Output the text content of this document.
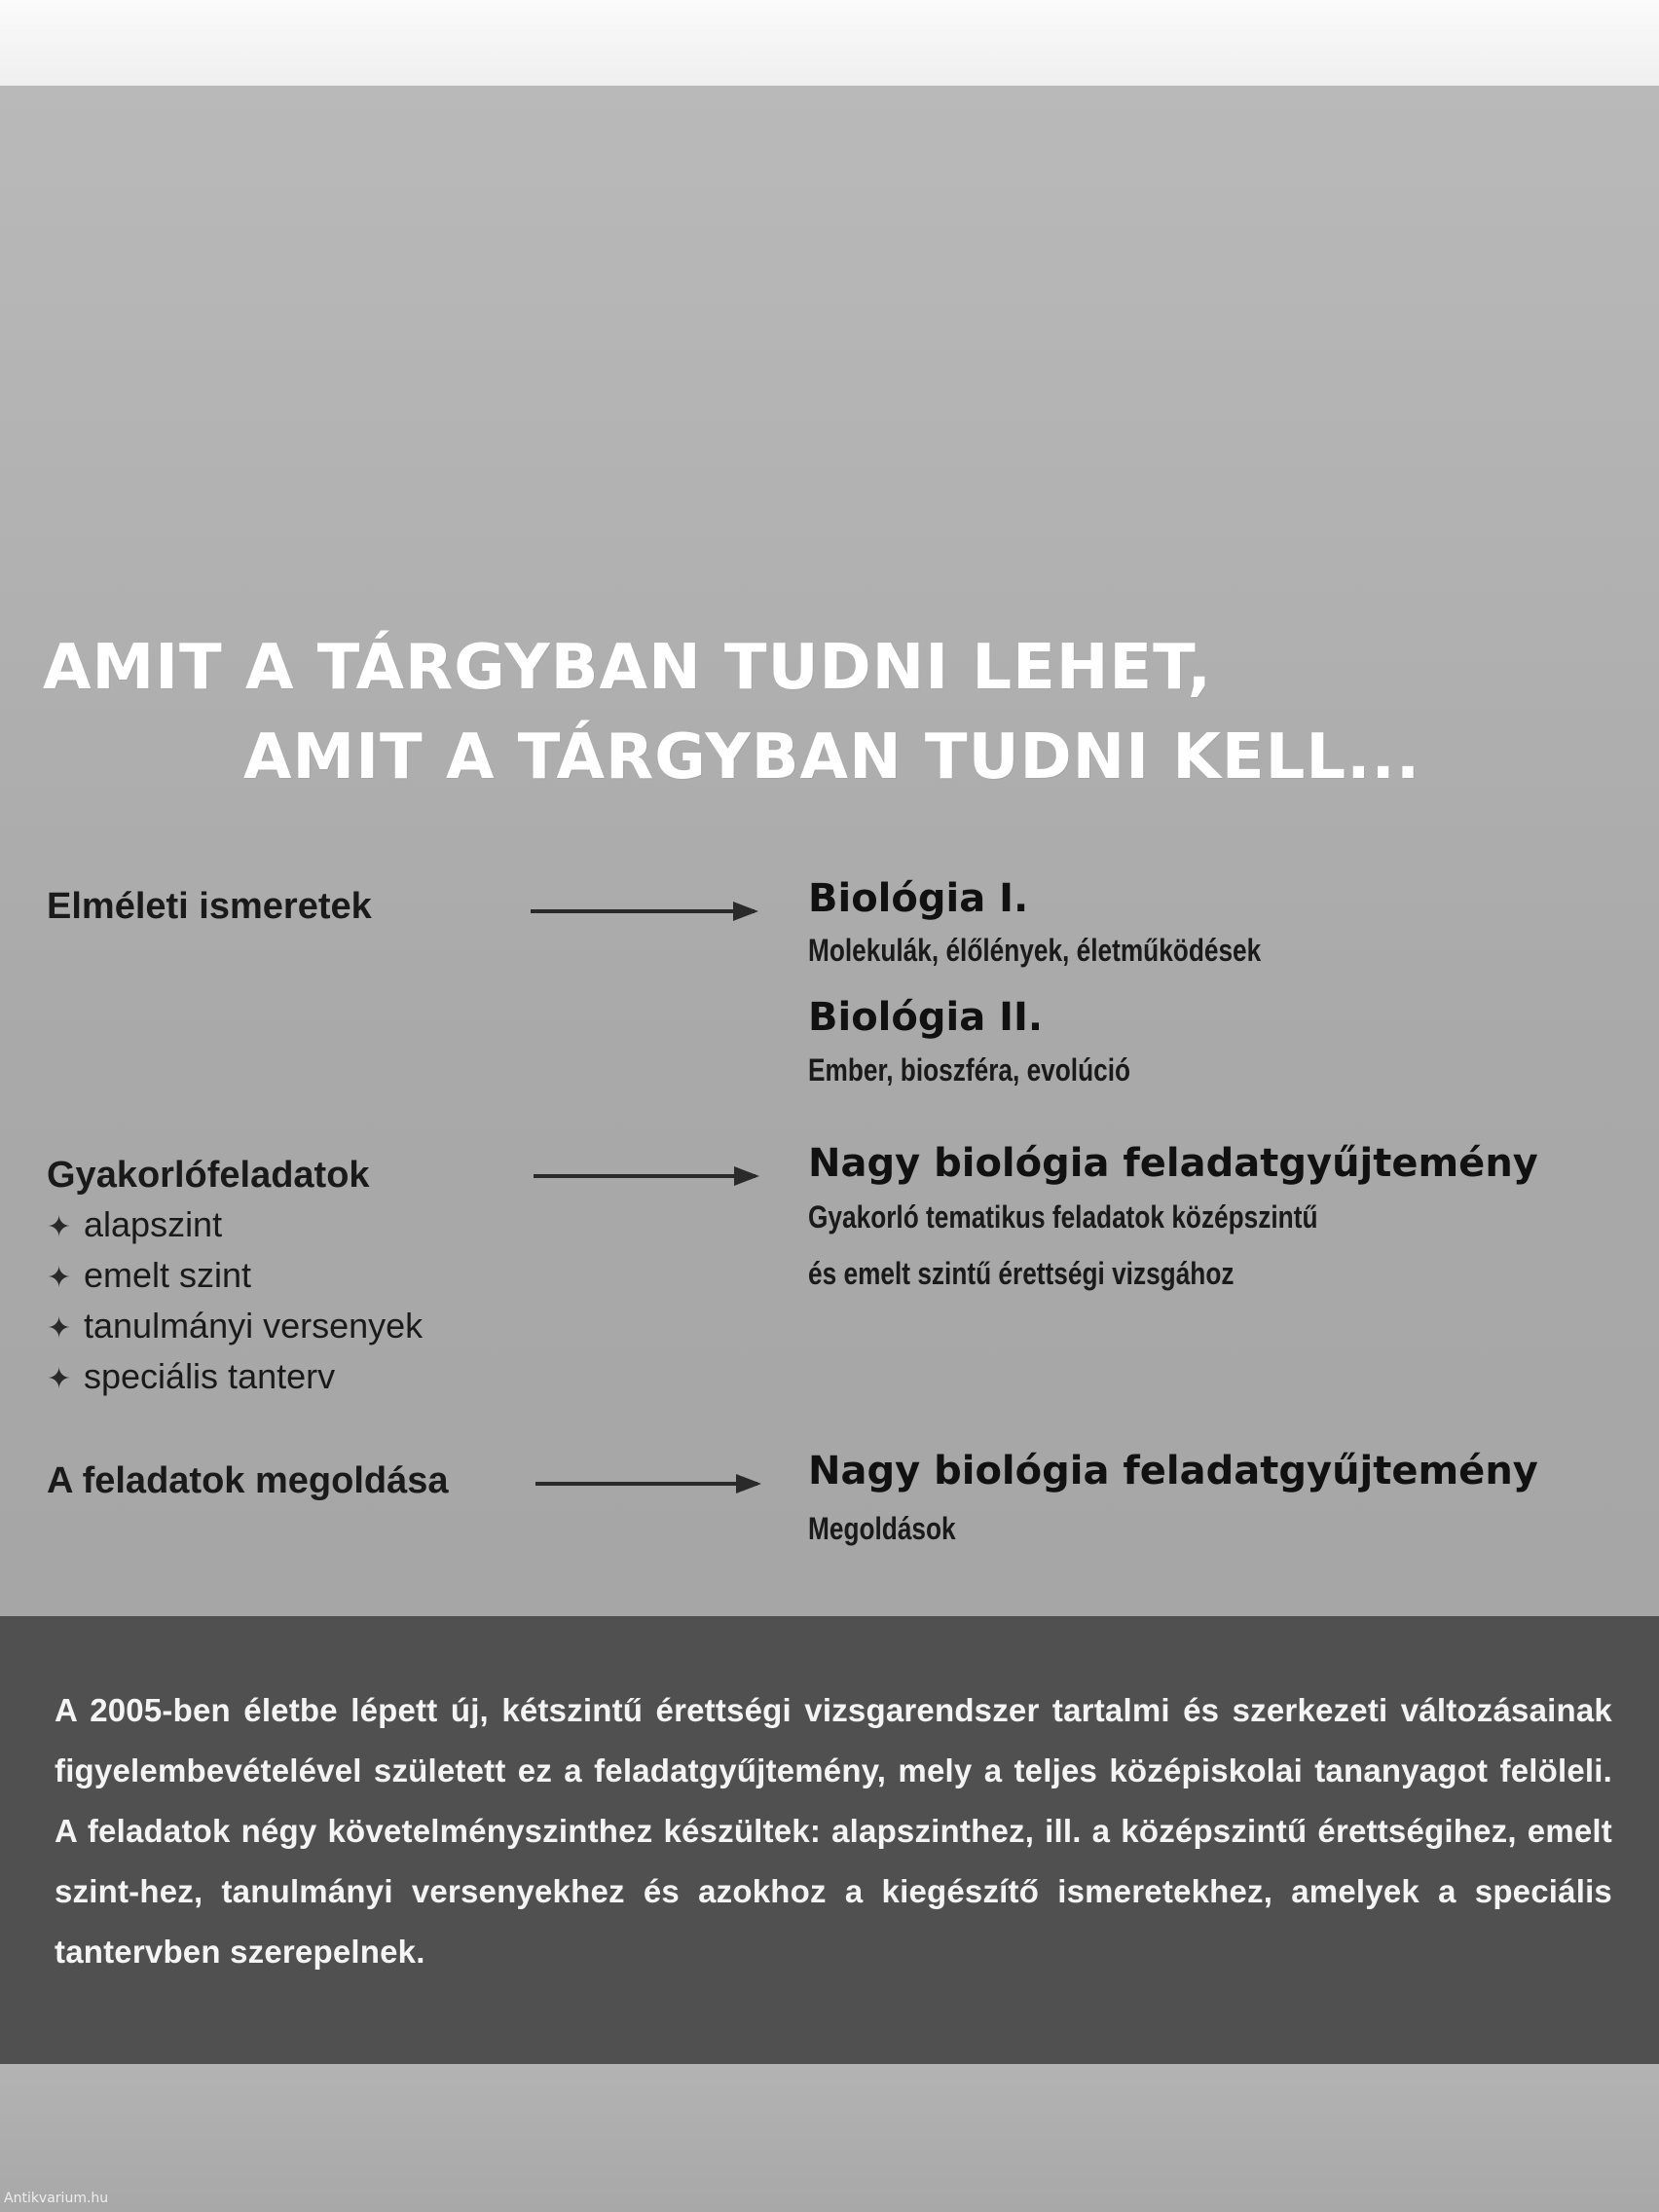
AMIT A TÁRGYBAN TUDNI LEHET,
AMIT A TÁRGYBAN TUDNI KELL...
Elméleti ismeretek	Biológia I.
Molekulák, élőlények, életműködések
Biológia II.
Ember, bioszféra, evolúció
Gyakorlófeladatok	Nagy biológia feladatgyűjtemény
Gyakorló tematikus feladatok középszintű
és emelt szintű érettségi vizsgához
✦ alapszint
✦ emelt szint
✦ tanulmányi versenyek
✦ speciális tanterv
A feladatok megoldása	Nagy biológia feladatgyűjtemény
Megoldások
A 2005-ben életbe lépett új, kétszintű érettségi vizsgarendszer tartalmi és szerkezeti változásainak figyelembevételével született ez a feladatgyűjtemény, mely a teljes középiskolai tananyagot felöleli. A feladatok négy követelményszinthez készültek: alapszinthez, ill. a középszintű érettségihez, emelt szint-hez, tanulmányi versenyekhez és azokhoz a kiegészítő ismeretekhez, amelyek a speciális tantervben szerepelnek.
Antikvarium.hu
